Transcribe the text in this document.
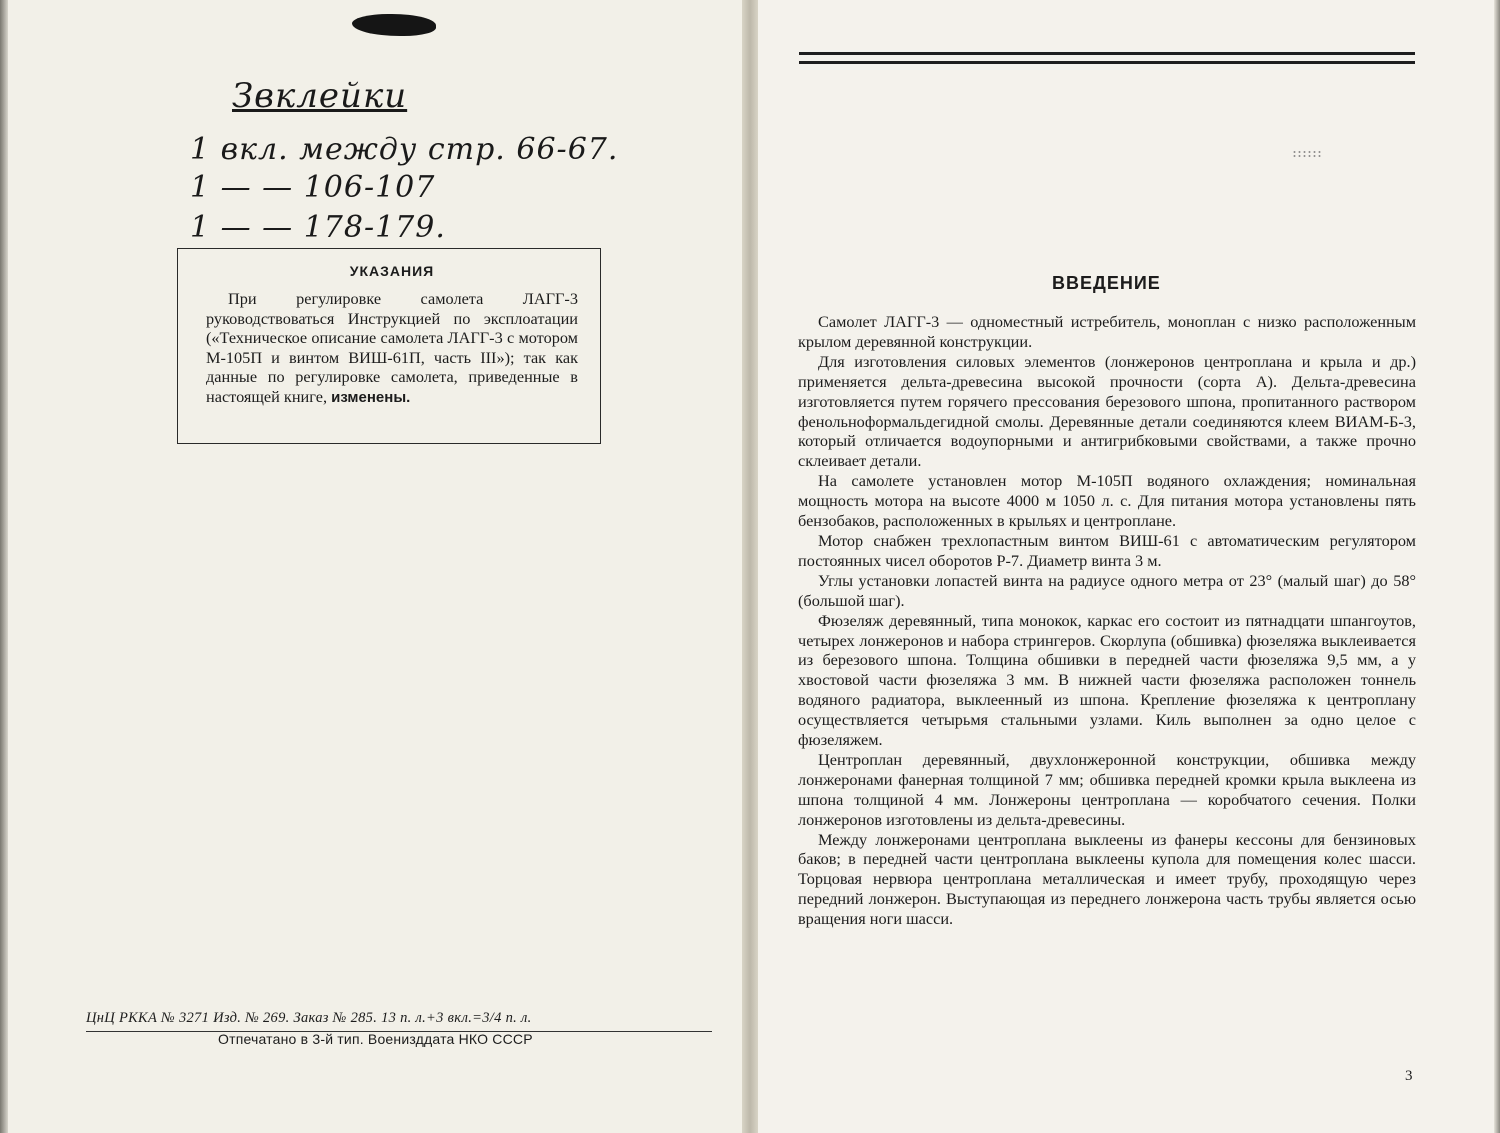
Звклейки
1 вкл. между стр. 66-67.
1 — — 106-107
1 — — 178-179.
УКАЗАНИЯ

При регулировке самолета ЛАГГ-3 руководствоваться Инструкцией по эксплоатации («Техническое описание самолета ЛАГГ-3 с мотором М-105П и винтом ВИШ-61П, часть III»); так как данные по регулировке самолета, приведенные в настоящей книге, изменены.

ЦнЦ РККА № 3271 Изд. № 269. Заказ № 285. 13 п. л.+3 вкл.=3/4 п. л.
Отпечатано в 3-й тип. Военизддата НКО СССР
ВВЕДЕНИЕ

Самолет ЛАГГ-3 — одноместный истребитель, моноплан с низко расположенным крылом деревянной конструкции.

Для изготовления силовых элементов (лонжеронов центроплана и крыла и др.) применяется дельта-древесина высокой прочности (сорта А). Дельта-древесина изготовляется путем горячего прессования березового шпона, пропитанного раствором фенольноформальдегидной смолы. Деревянные детали соединяются клеем ВИАМ-Б-3, который отличается водоупорными и антигрибковыми свойствами, а также прочно склеивает детали.

На самолете установлен мотор М-105П водяного охлаждения; номинальная мощность мотора на высоте 4000 м 1050 л. с. Для питания мотора установлены пять бензобаков, расположенных в крыльях и центроплане.

Мотор снабжен трехлопастным винтом ВИШ-61 с автоматическим регулятором постоянных чисел оборотов Р-7. Диаметр винта 3 м.

Углы установки лопастей винта на радиусе одного метра от 23° (малый шаг) до 58° (большой шаг).

Фюзеляж деревянный, типа монокок, каркас его состоит из пятнадцати шпангоутов, четырех лонжеронов и набора стрингеров. Скорлупа (обшивка) фюзеляжа выклеивается из березового шпона. Толщина обшивки в передней части фюзеляжа 9,5 мм, а у хвостовой части фюзеляжа 3 мм. В нижней части фюзеляжа расположен тоннель водяного радиатора, выклеенный из шпона. Крепление фюзеляжа к центроплану осуществляется четырьмя стальными узлами. Киль выполнен за одно целое с фюзеляжем.

Центроплан деревянный, двухлонжеронной конструкции, обшивка между лонжеронами фанерная толщиной 7 мм; обшивка передней кромки крыла выклеена из шпона толщиной 4 мм. Лонжероны центроплана — коробчатого сечения. Полки лонжеронов изготовлены из дельта-древесины.

Между лонжеронами центроплана выклеены из фанеры кессоны для бензиновых баков; в передней части центроплана выклеены купола для помещения колес шасси. Торцовая нервюра центроплана металлическая и имеет трубу, проходящую через передний лонжерон. Выступающая из переднего лонжерона часть трубы является осью вращения ноги шасси.

3
